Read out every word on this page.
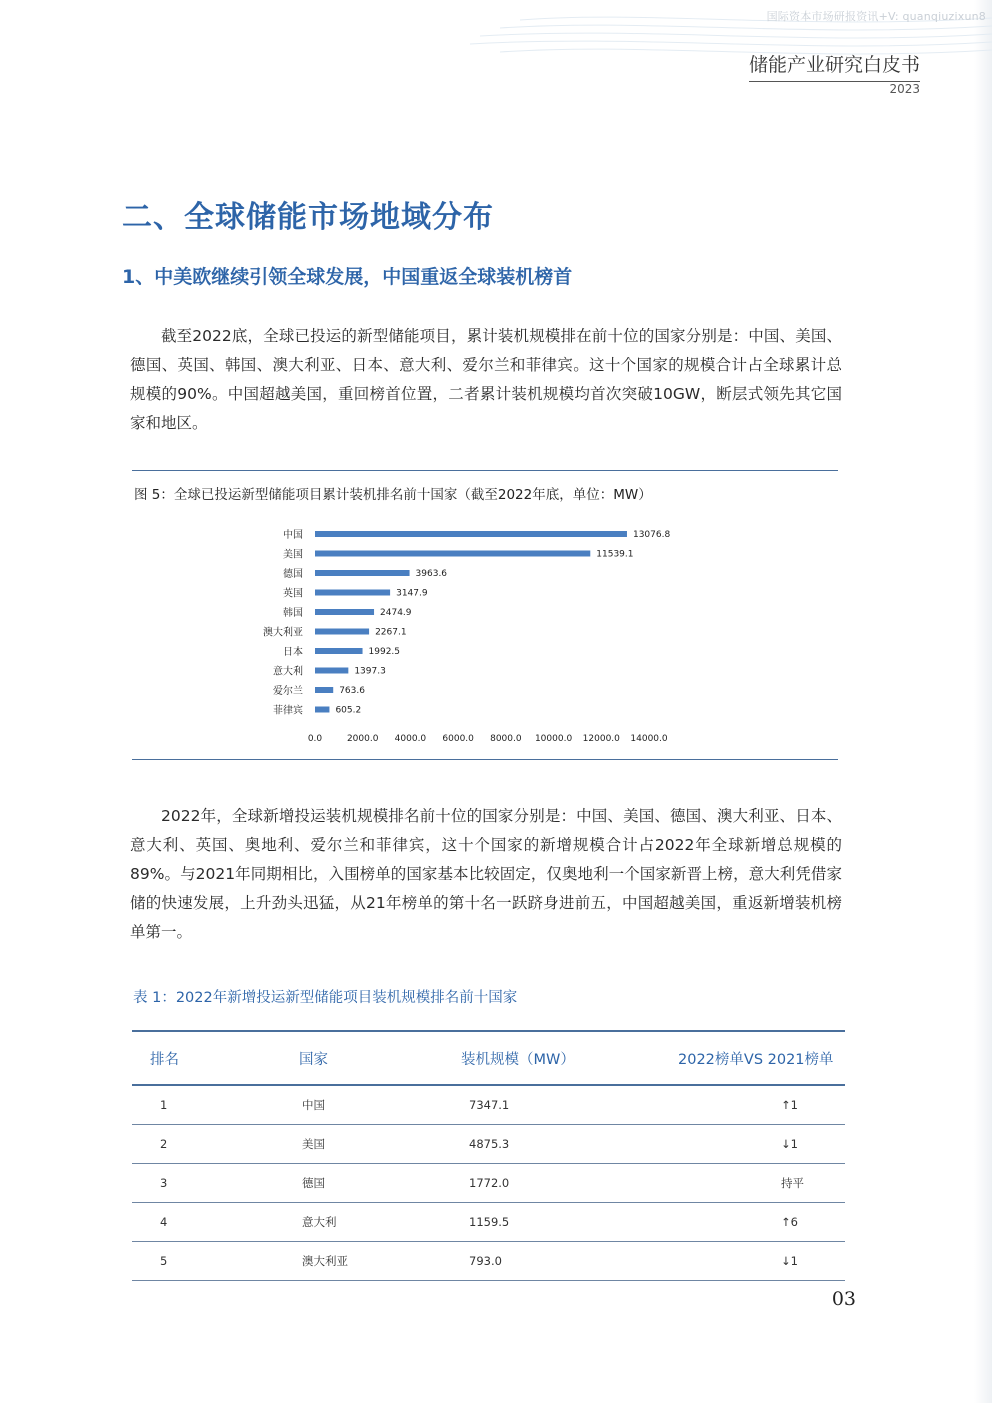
国际资本市场研报资讯+V: quanqiuzixun8
储能产业研究白皮书
2023
二、全球储能市场地域分布
1、中美欧继续引领全球发展，中国重返全球装机榜首
截至2022底，全球已投运的新型储能项目，累计装机规模排在前十位的国家分别是：中国、美国、德国、英国、韩国、澳大利亚、日本、意大利、爱尔兰和菲律宾。这十个国家的规模合计占全球累计总规模的90%。中国超越美国，重回榜首位置，二者累计装机规模均首次突破10GW，断层式领先其它国家和地区。
图 5：全球已投运新型储能项目累计装机排名前十国家（截至2022年底，单位：MW）
中国	13076.8
美国	11539.1
德国	3963.6
英国	3147.9
韩国	2474.9
澳大利亚	2267.1
日本	1992.5
意大利	1397.3
爱尔兰	763.6
菲律宾	605.2
0.0	2000.0 4000.0 6000.0 8000.0 10000.0 12000.0 14000.0
2022年，全球新增投运装机规模排名前十位的国家分别是：中国、美国、德国、澳大利亚、日本、意大利、英国、奥地利、爱尔兰和菲律宾，这十个国家的新增规模合计占2022年全球新增总规模的89%。与2021年同期相比，入围榜单的国家基本比较固定，仅奥地利一个国家新晋上榜，意大利凭借家储的快速发展，上升劲头迅猛，从21年榜单的第十名一跃跻身进前五，中国超越美国，重返新增装机榜单第一。
表 1：2022年新增投运新型储能项目装机规模排名前十国家
排名	国家	装机规模（MW）	2022榜单VS 2021榜单
1	中国	7347.1	↑1
2	美国	4875.3	↓1
3	德国	1772.0	持平
4	意大利	1159.5	↑6
5	澳大利亚	793.0	↓1
03
